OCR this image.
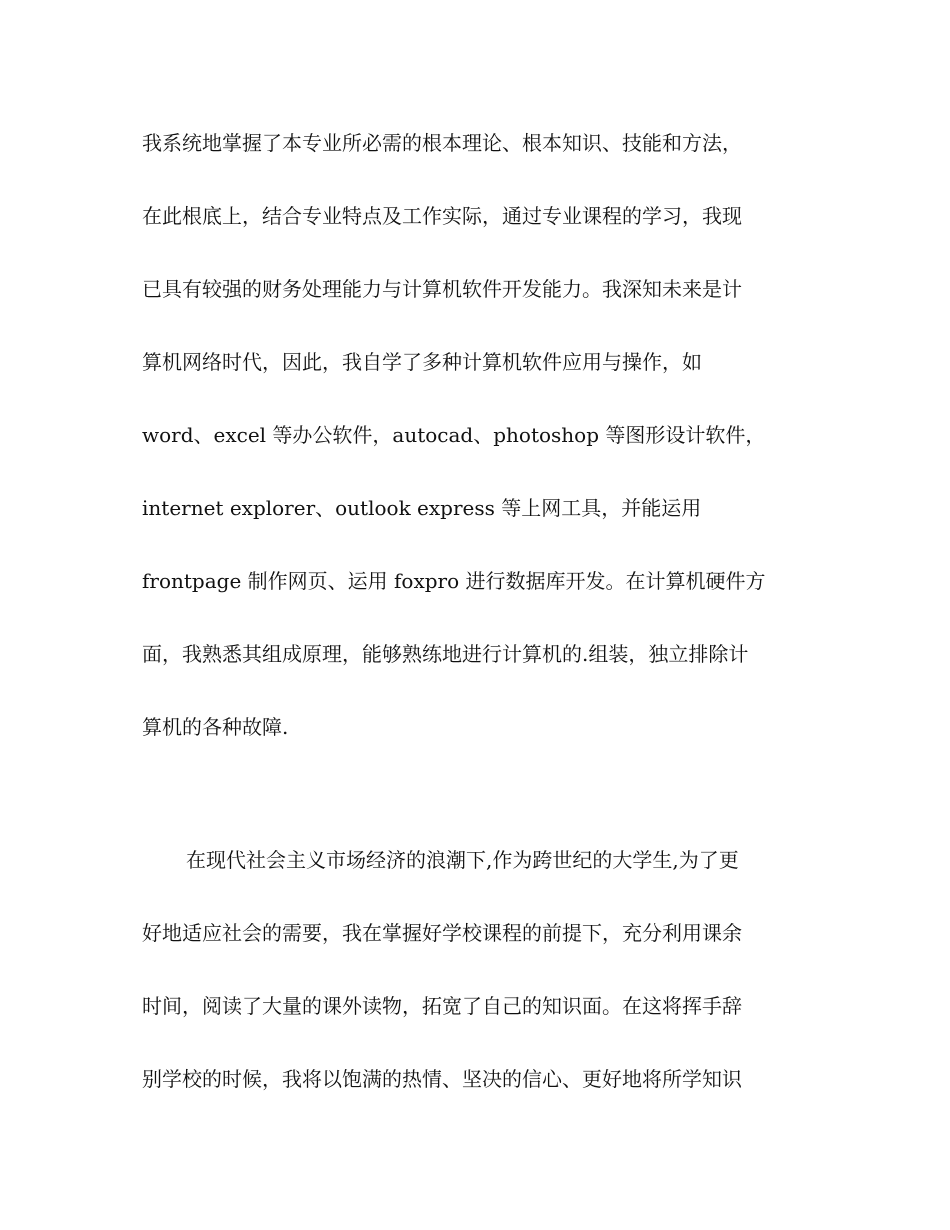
我系统地掌握了本专业所必需的根本理论、根本知识、技能和方法，
在此根底上，结合专业特点及工作实际，通过专业课程的学习，我现
已具有较强的财务处理能力与计算机软件开发能力。我深知未来是计
算机网络时代，因此，我自学了多种计算机软件应用与操作，如
word、excel 等办公软件，autocad、photoshop 等图形设计软件，
internet explorer、outlook express 等上网工具，并能运用
frontpage 制作网页、运用 foxpro 进行数据库开发。在计算机硬件方
面，我熟悉其组成原理，能够熟练地进行计算机的.组装，独立排除计
算机的各种故障.
在现代社会主义市场经济的浪潮下,作为跨世纪的大学生,为了更
好地适应社会的需要，我在掌握好学校课程的前提下，充分利用课余
时间，阅读了大量的课外读物，拓宽了自己的知识面。在这将挥手辞
别学校的时候，我将以饱满的热情、坚决的信心、更好地将所学知识
